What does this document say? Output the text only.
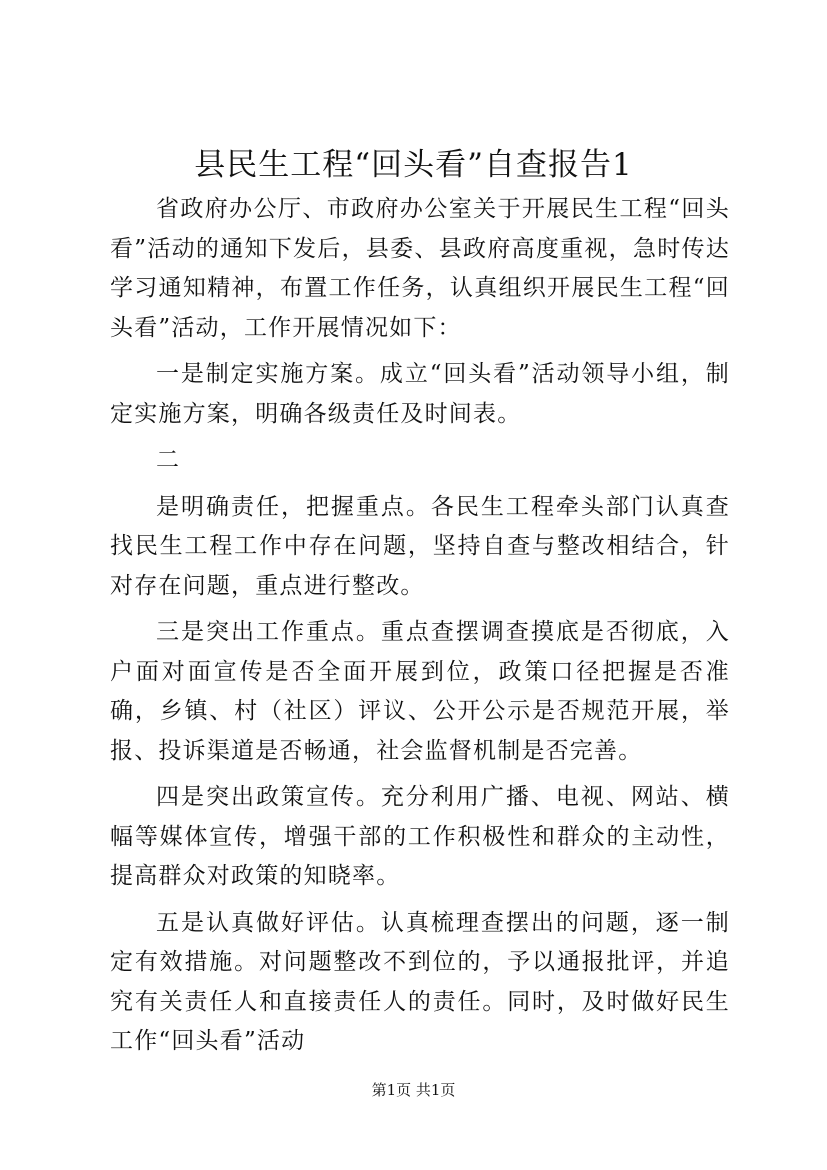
县民生工程“回头看”自查报告1

省政府办公厅、市政府办公室关于开展民生工程“回头看”活动的通知下发后，县委、县政府高度重视，急时传达学习通知精神，布置工作任务，认真组织开展民生工程“回头看”活动，工作开展情况如下：

一是制定实施方案。成立“回头看”活动领导小组，制定实施方案，明确各级责任及时间表。

二

是明确责任，把握重点。各民生工程牵头部门认真查找民生工程工作中存在问题，坚持自查与整改相结合，针对存在问题，重点进行整改。

三是突出工作重点。重点查摆调查摸底是否彻底，入户面对面宣传是否全面开展到位，政策口径把握是否准确，乡镇、村（社区）评议、公开公示是否规范开展，举报、投诉渠道是否畅通，社会监督机制是否完善。

四是突出政策宣传。充分利用广播、电视、网站、横幅等媒体宣传，增强干部的工作积极性和群众的主动性，提高群众对政策的知晓率。

五是认真做好评估。认真梳理查摆出的问题，逐一制定有效措施。对问题整改不到位的，予以通报批评，并追究有关责任人和直接责任人的责任。同时，及时做好民生工作“回头看”活动

第1页 共1页
